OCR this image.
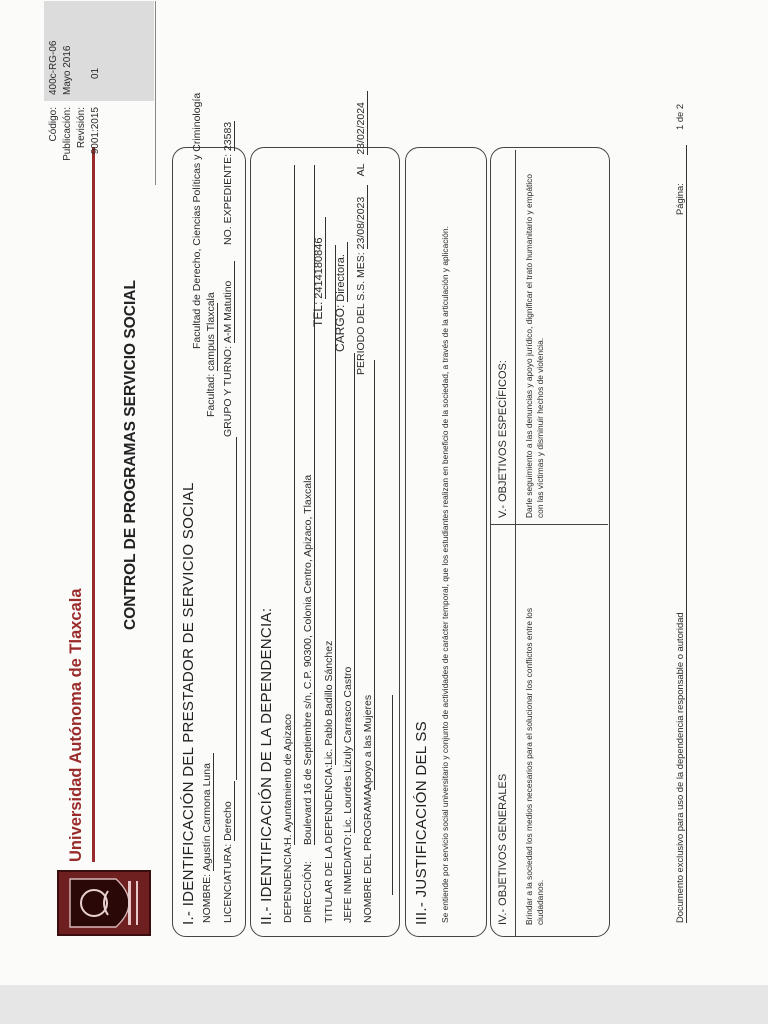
Universidad Autónoma de Tlaxcala
CONTROL DE PROGRAMAS SERVICIO SOCIAL
Código: Publicación: Revisión: 9001:2015
400c-RG-06 Mayo 2016 01
I.- IDENTIFICACIÓN DEL PRESTADOR DE SERVICIO SOCIAL NOMBRE: Agustín Carmona Luna
LICENCIATURA: Derecho
GRUPO Y TURNO: A-M Matutino
Facultad: campus Tlaxcala
Facultad de Derecho, Ciencias Políticas y Criminología NO. EXPEDIENTE: 23583
II.- IDENTIFICACIÓN DE LA DEPENDENCIA: DEPENDENCIA:
H. Ayuntamiento de Apizaco
DIRECCIÓN:
Boulevard 16 de Septiembre s/n, C.P. 90300, Colonia Centro, Apizaco, Tlaxcala TITULAR DE LA DEPENDENCIA:
Lic. Pablo Badillo Sánchez
TEL: 2414180846
JEFE INMEDIATO:
Lic. Lourdes Lizuly Carrasco Castro
CARGO: Directora.
NOMBRE DEL PROGRAMA:
Apoyo a las Mujeres
PERIODO DEL S.S. MES: 23/08/2023 AL 23/02/2024
III.- JUSTIFICACIÓN DEL SS Se entiende por servicio social universitario y conjunto de actividades de carácter temporal, que los estudiantes realizan en beneficio de la sociedad, a través de la articulación y aplicación.	IV.- OBJETIVOS GENERALES Brindar a la sociedad los medios necesarios para el solucionar los conflictos entre los ciudadanos.
V.- OBJETIVOS ESPECÍFICOS: Darle seguimiento a las denuncias y apoyo jurídico, dignificar el trato humanitario y empático con las víctimas y disminuir hechos de violencia.
Documento exclusivo para uso de la dependencia responsable o autoridad
Página:
1 de 2
